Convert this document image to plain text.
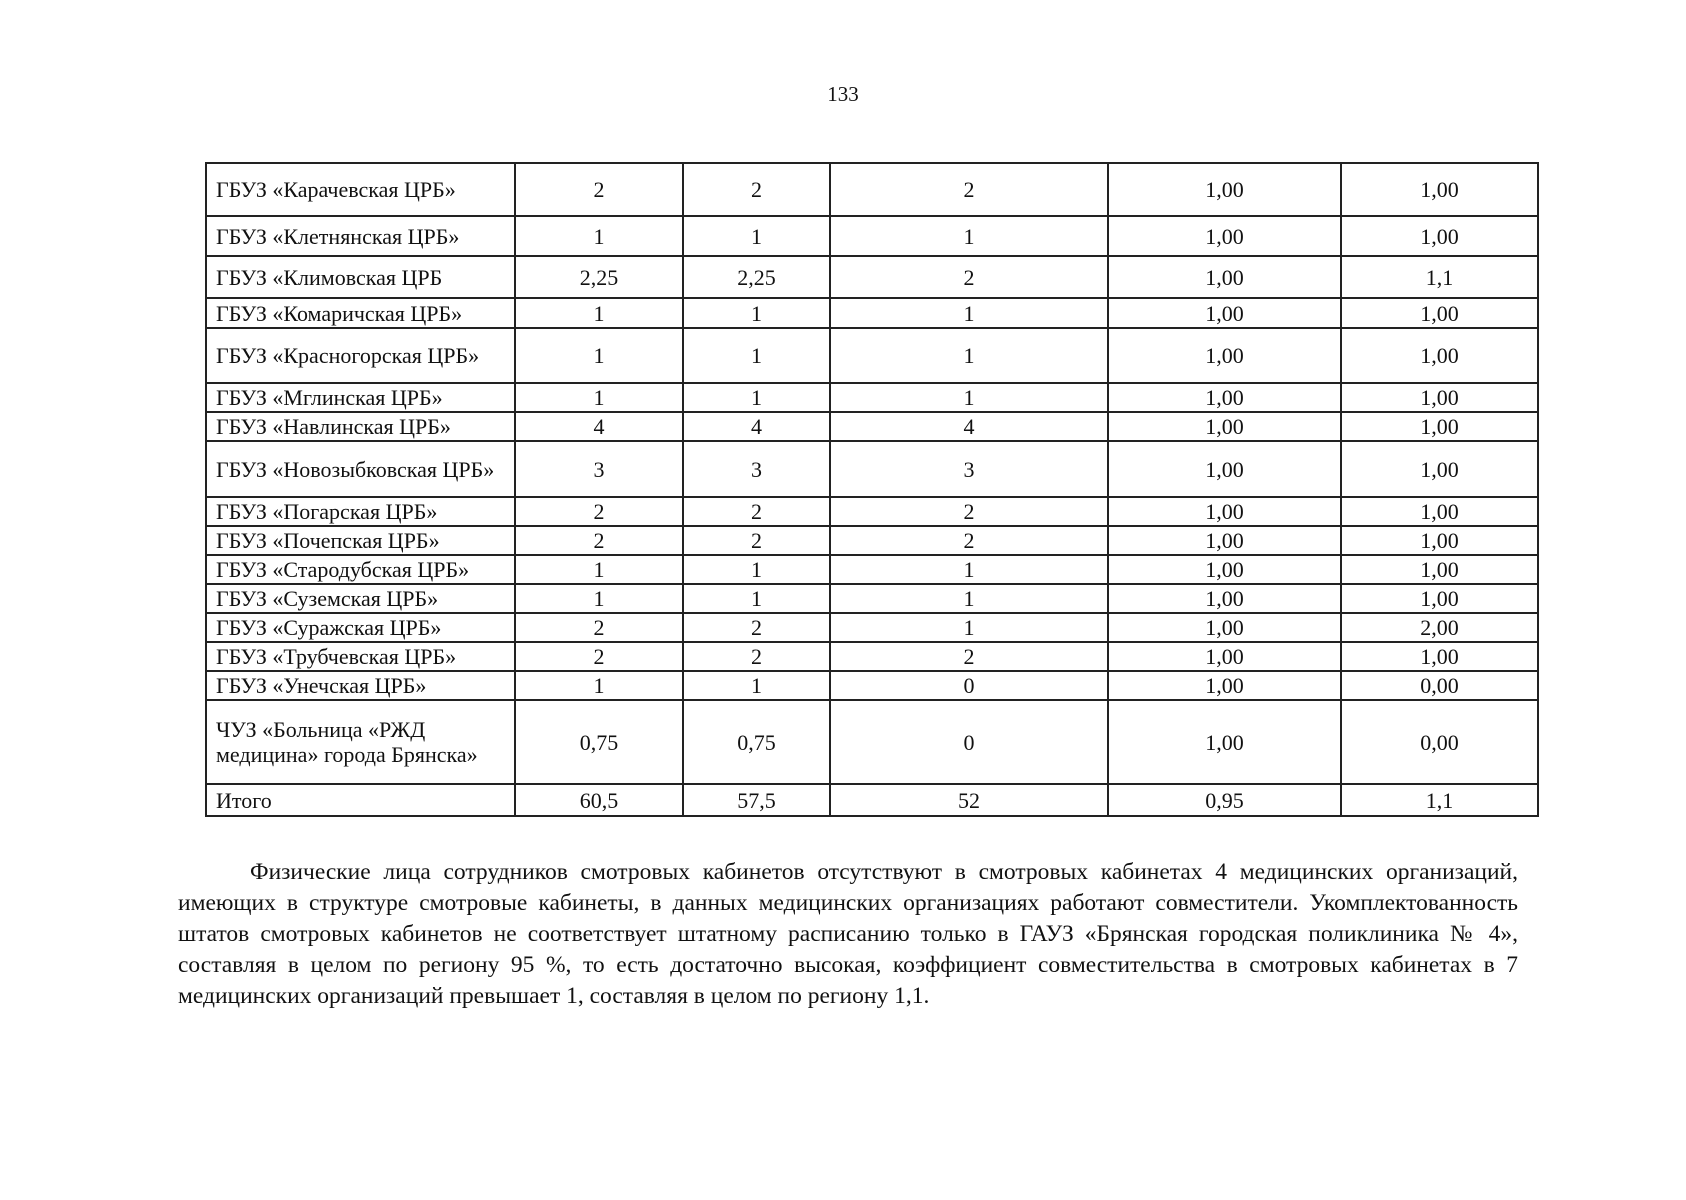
133
ГБУЗ «Карачевская ЦРБ»	2	2	2	1,00	1,00
ГБУЗ «Клетнянская ЦРБ»	1	1	1	1,00	1,00
ГБУЗ «Климовская ЦРБ	2,25	2,25	2	1,00	1,1
ГБУЗ «Комаричская ЦРБ»	1	1	1	1,00	1,00
ГБУЗ «Красногорская ЦРБ»	1	1	1	1,00	1,00
ГБУЗ «Мглинская ЦРБ»	1	1	1	1,00	1,00
ГБУЗ «Навлинская ЦРБ»	4	4	4	1,00	1,00
ГБУЗ «Новозыбковская ЦРБ»	3	3	3	1,00	1,00
ГБУЗ «Погарская ЦРБ»	2	2	2	1,00	1,00
ГБУЗ «Почепская ЦРБ»	2	2	2	1,00	1,00
ГБУЗ «Стародубская ЦРБ»	1	1	1	1,00	1,00
ГБУЗ «Суземская ЦРБ»	1	1	1	1,00	1,00
ГБУЗ «Суражская ЦРБ»	2	2	1	1,00	2,00
ГБУЗ «Трубчевская ЦРБ»	2	2	2	1,00	1,00
ГБУЗ «Унечская ЦРБ»	1	1	0	1,00	0,00
ЧУЗ «Больница «РЖД медицина» города Брянска»	0,75	0,75	0	1,00	0,00
Итого	60,5	57,5	52	0,95	1,1

Физические лица сотрудников смотровых кабинетов отсутствуют в смотровых кабинетах 4 медицинских организаций, имеющих в структуре смотровые кабинеты, в данных медицинских организациях работают совместители. Укомплектованность штатов смотровых кабинетов не соответствует штатному расписанию только в ГАУЗ «Брянская городская поликлиника № 4», составляя в целом по региону 95 %, то есть достаточно высокая, коэффициент совместительства в смотровых кабинетах в 7 медицинских организаций превышает 1, составляя в целом по региону 1,1.
